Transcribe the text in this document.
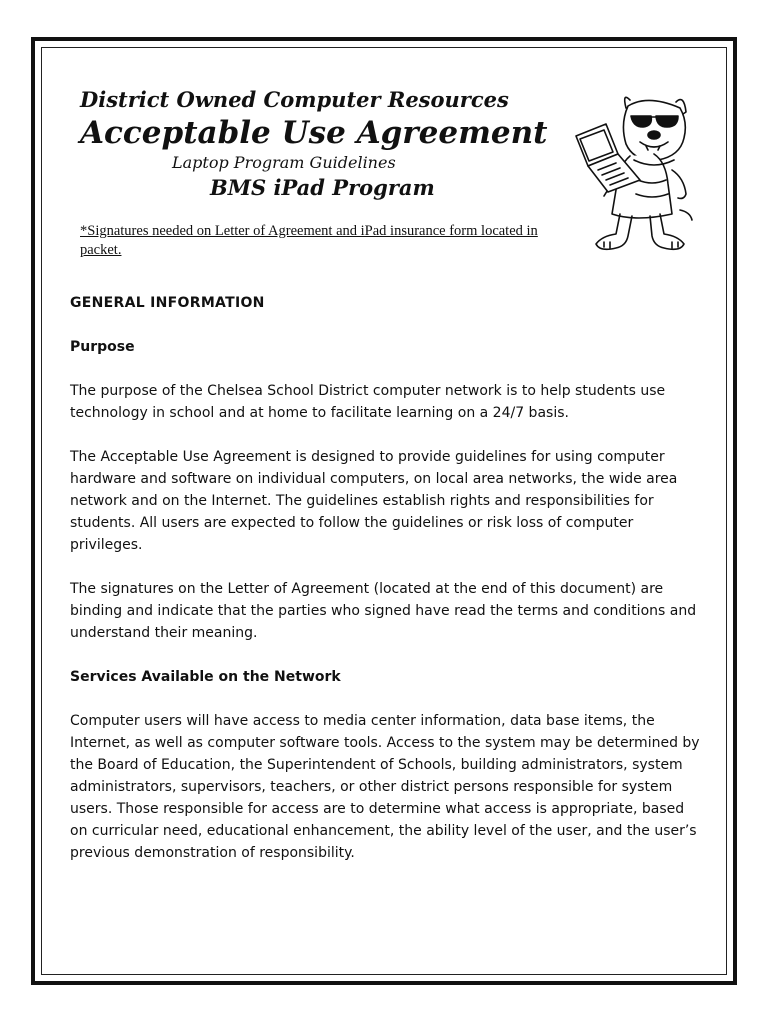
District Owned Computer Resources
Acceptable Use Agreement
Laptop Program Guidelines
BMS iPad Program
*Signatures needed on Letter of Agreement and iPad insurance form located in packet.
GENERAL INFORMATION
Purpose

The purpose of the Chelsea School District computer network is to help students use technology in school and at home to facilitate learning on a 24/7 basis.

The Acceptable Use Agreement is designed to provide guidelines for using computer hardware and software on individual computers, on local area networks, the wide area network and on the Internet. The guidelines establish rights and responsibilities for students. All users are expected to follow the guidelines or risk loss of computer privileges.

The signatures on the Letter of Agreement (located at the end of this document) are binding and indicate that the parties who signed have read the terms and conditions and understand their meaning.

Services Available on the Network

Computer users will have access to media center information, data base items, the Internet, as well as computer software tools. Access to the system may be determined by the Board of Education, the Superintendent of Schools, building administrators, system administrators, supervisors, teachers, or other district persons responsible for system users. Those responsible for access are to determine what access is appropriate, based on curricular need, educational enhancement, the ability level of the user, and the user’s previous demonstration of responsibility.
